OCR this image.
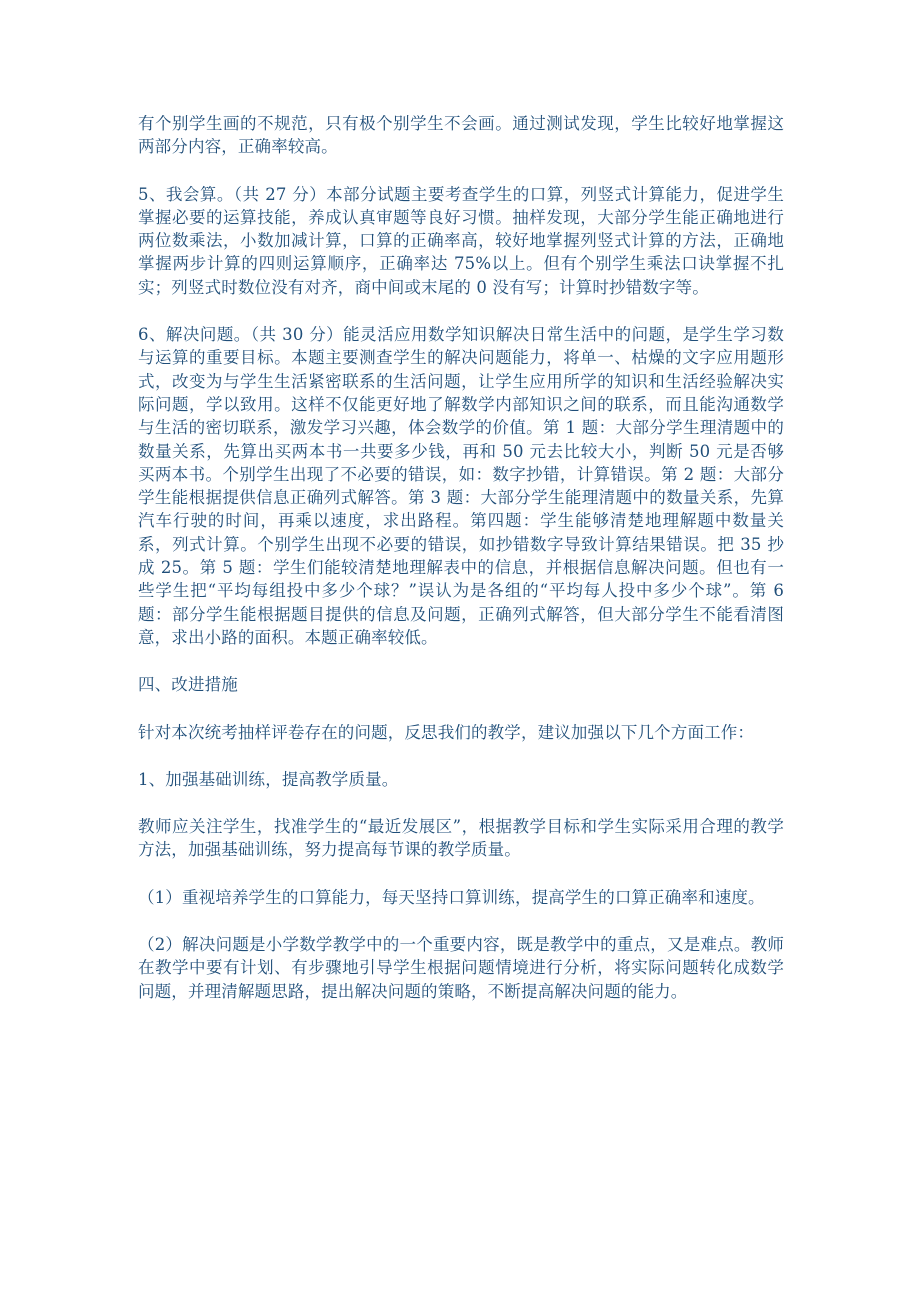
有个别学生画的不规范，只有极个别学生不会画。通过测试发现，学生比较好地掌握这两部分内容，正确率较高。

5、我会算。（共 27 分）本部分试题主要考查学生的口算，列竖式计算能力，促进学生掌握必要的运算技能，养成认真审题等良好习惯。抽样发现，大部分学生能正确地进行两位数乘法，小数加减计算，口算的正确率高，较好地掌握列竖式计算的方法，正确地掌握两步计算的四则运算顺序，正确率达 75%以上。但有个别学生乘法口诀掌握不扎实；列竖式时数位没有对齐，商中间或末尾的 0 没有写；计算时抄错数字等。

6、解决问题。（共 30 分）能灵活应用数学知识解决日常生活中的问题，是学生学习数与运算的重要目标。本题主要测查学生的解决问题能力，将单一、枯燥的文字应用题形式，改变为与学生生活紧密联系的生活问题，让学生应用所学的知识和生活经验解决实际问题，学以致用。这样不仅能更好地了解数学内部知识之间的联系，而且能沟通数学与生活的密切联系，激发学习兴趣，体会数学的价值。第 1 题：大部分学生理清题中的数量关系，先算出买两本书一共要多少钱，再和 50 元去比较大小，判断 50 元是否够买两本书。个别学生出现了不必要的错误，如：数字抄错，计算错误。第 2 题：大部分学生能根据提供信息正确列式解答。第 3 题：大部分学生能理清题中的数量关系，先算汽车行驶的时间，再乘以速度，求出路程。第四题：学生能够清楚地理解题中数量关系，列式计算。个别学生出现不必要的错误，如抄错数字导致计算结果错误。把 35 抄成 25。第 5 题：学生们能较清楚地理解表中的信息，并根据信息解决问题。但也有一些学生把“平均每组投中多少个球？”误认为是各组的“平均每人投中多少个球”。第 6 题：部分学生能根据题目提供的信息及问题，正确列式解答，但大部分学生不能看清图意，求出小路的面积。本题正确率较低。

四、改进措施

针对本次统考抽样评卷存在的问题，反思我们的教学，建议加强以下几个方面工作：

1、加强基础训练，提高教学质量。

教师应关注学生，找准学生的“最近发展区”，根据教学目标和学生实际采用合理的教学方法，加强基础训练，努力提高每节课的教学质量。

（1）重视培养学生的口算能力，每天坚持口算训练，提高学生的口算正确率和速度。

（2）解决问题是小学数学教学中的一个重要内容，既是教学中的重点，又是难点。教师在教学中要有计划、有步骤地引导学生根据问题情境进行分析，将实际问题转化成数学问题，并理清解题思路，提出解决问题的策略，不断提高解决问题的能力。
